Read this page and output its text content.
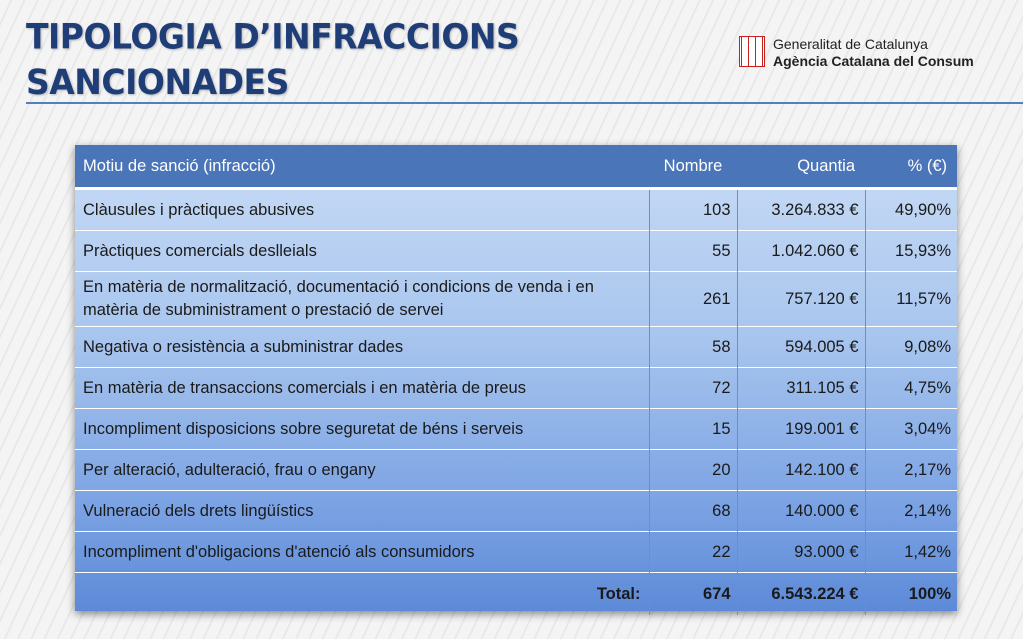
TIPOLOGIA D’INFRACCIONS
SANCIONADES
Generalitat de Catalunya
Agència Catalana del Consum
Motiu de sanció (infracció)	Nombre	Quantia	% (€)
Clàusules i pràctiques abusives	103	3.264.833 €	49,90%
Pràctiques comercials deslleials	55	1.042.060 €	15,93%
En matèria de normalització, documentació i condicions de venda i en matèria de subministrament o prestació de servei	261	757.120 €	11,57%
Negativa o resistència a subministrar dades	58	594.005 €	9,08%
En matèria de transaccions comercials i en matèria de preus	72	311.105 €	4,75%
Incompliment disposicions sobre seguretat de béns i serveis	15	199.001 €	3,04%
Per alteració, adulteració, frau o engany	20	142.100 €	2,17%
Vulneració dels drets lingüístics	68	140.000 €	2,14%
Incompliment d'obligacions d'atenció als consumidors	22	93.000 €	1,42%
Total:	674	6.543.224 €	100%
